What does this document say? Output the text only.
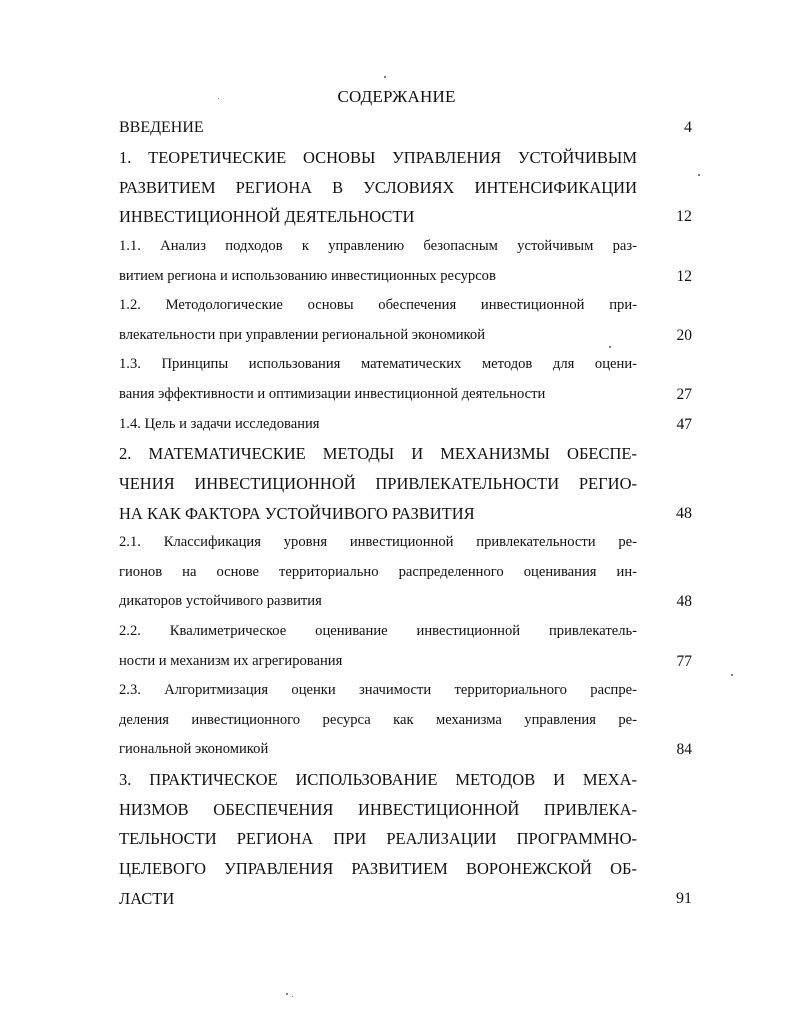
СОДЕРЖАНИЕ
ВВЕДЕНИЕ	4
1. ТЕОРЕТИЧЕСКИЕ ОСНОВЫ УПРАВЛЕНИЯ УСТОЙЧИВЫМ
РАЗВИТИЕМ РЕГИОНА В УСЛОВИЯХ ИНТЕНСИФИКАЦИИ
ИНВЕСТИЦИОННОЙ ДЕЯТЕЛЬНОСТИ	12
1.1. Анализ подходов к управлению безопасным устойчивым раз-
витием региона и использованию инвестиционных ресурсов	12
1.2. Методологические основы обеспечения инвестиционной при-
влекательности при управлении региональной экономикой	20
1.3. Принципы использования математических методов для оцени-
вания эффективности и оптимизации инвестиционной деятельности	27
1.4. Цель и задачи исследования	47
2. МАТЕМАТИЧЕСКИЕ МЕТОДЫ И МЕХАНИЗМЫ ОБЕСПЕ-
ЧЕНИЯ ИНВЕСТИЦИОННОЙ ПРИВЛЕКАТЕЛЬНОСТИ РЕГИО-
НА КАК ФАКТОРА УСТОЙЧИВОГО РАЗВИТИЯ	48
2.1. Классификация уровня инвестиционной привлекательности ре-
гионов на основе территориально распределенного оценивания ин-
дикаторов устойчивого развития	48
2.2. Квалиметрическое оценивание инвестиционной привлекатель-
ности и механизм их агрегирования	77
2.3. Алгоритмизация оценки значимости территориального распре-
деления инвестиционного ресурса как механизма управления ре-
гиональной экономикой	84
3. ПРАКТИЧЕСКОЕ ИСПОЛЬЗОВАНИЕ МЕТОДОВ И МЕХА-
НИЗМОВ ОБЕСПЕЧЕНИЯ ИНВЕСТИЦИОННОЙ ПРИВЛЕКА-
ТЕЛЬНОСТИ РЕГИОНА ПРИ РЕАЛИЗАЦИИ ПРОГРАММНО-
ЦЕЛЕВОГО УПРАВЛЕНИЯ РАЗВИТИЕМ ВОРОНЕЖСКОЙ ОБ-
ЛАСТИ	91
